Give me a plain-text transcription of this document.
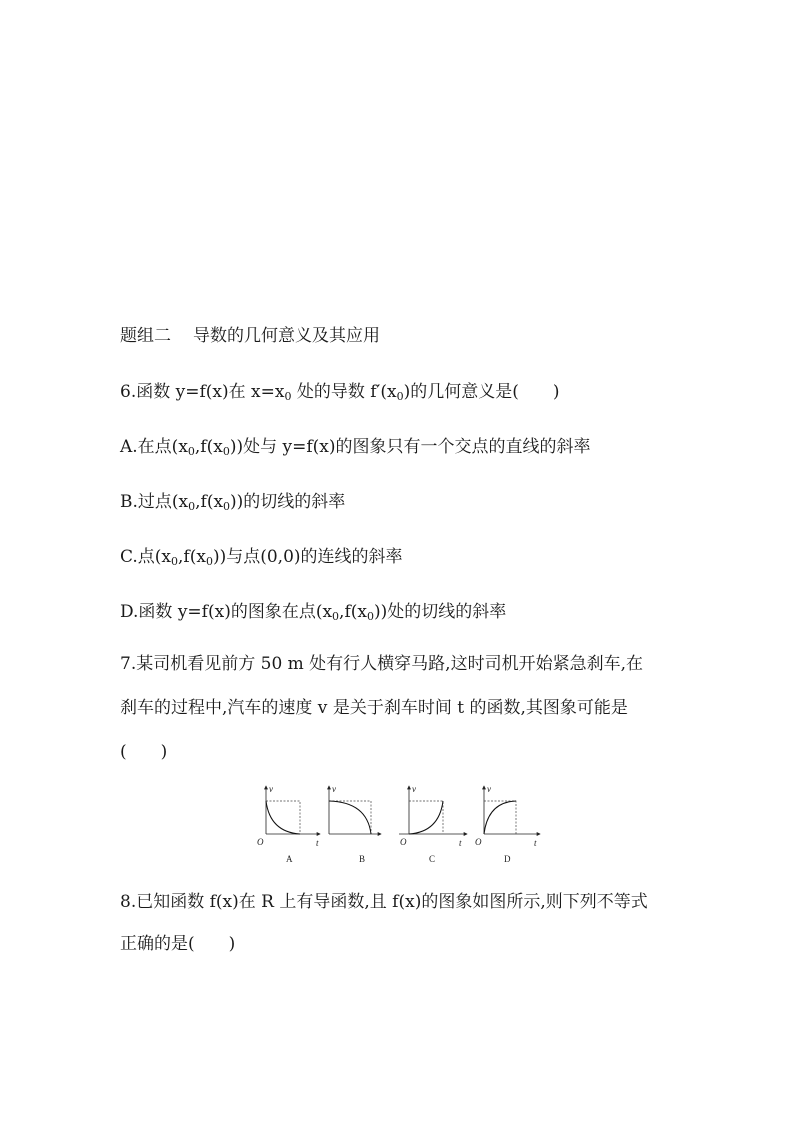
题组二 导数的几何意义及其应用
6.函数 y=f(x)在 $x=x_0$ 处的导数 $f'(x_0)$的几何意义是( )
A.在点$(x_0,f(x_0))$处与 y=f(x)的图象只有一个交点的直线的斜率
B.过点$(x_0,f(x_0))$的切线的斜率
C.点$(x_0,f(x_0))$与点(0,0)的连线的斜率
D.函数 y=f(x)的图象在点$(x_0,f(x_0))$处的切线的斜率
7.某司机看见前方 50 m 处有行人横穿马路,这时司机开始紧急刹车,在
刹车的过程中,汽车的速度 v 是关于刹车时间 t 的函数,其图象可能是
( )
v
t
O
A
v
B
v
t
O
C
v
t
O
D
8.已知函数 f(x)在 R 上有导函数,且 f(x)的图象如图所示,则下列不等式
正确的是( )
